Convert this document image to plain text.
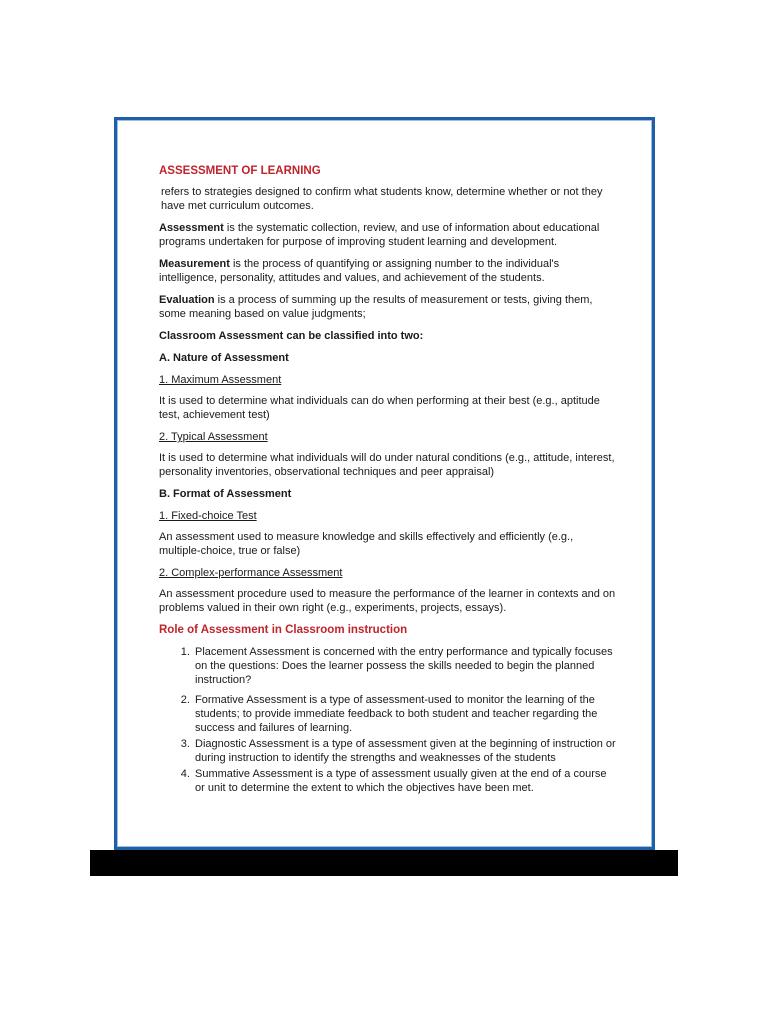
ASSESSMENT OF LEARNING

refers to strategies designed to confirm what students know, determine whether or not they have met curriculum outcomes.

Assessment is the systematic collection, review, and use of information about educational programs undertaken for purpose of improving student learning and development.

Measurement is the process of quantifying or assigning number to the individual's intelligence, personality, attitudes and values, and achievement of the students.

Evaluation is a process of summing up the results of measurement or tests, giving them, some meaning based on value judgments;

Classroom Assessment can be classified into two:
A. Nature of Assessment
1. Maximum Assessment

It is used to determine what individuals can do when performing at their best (e.g., aptitude test, achievement test)

2. Typical Assessment

It is used to determine what individuals will do under natural conditions (e.g., attitude, interest, personality inventories, observational techniques and peer appraisal)

B. Format of Assessment
1. Fixed-choice Test

An assessment used to measure knowledge and skills effectively and efficiently (e.g., multiple-choice, true or false)

2. Complex-performance Assessment

An assessment procedure used to measure the performance of the learner in contexts and on problems valued in their own right (e.g., experiments, projects, essays).

Role of Assessment in Classroom instruction
1. Placement Assessment is concerned with the entry performance and typically focuses on the questions: Does the learner possess the skills needed to begin the planned instruction?
2. Formative Assessment is a type of assessment-used to monitor the learning of the students; to provide immediate feedback to both student and teacher regarding the success and failures of learning.
3. Diagnostic Assessment is a type of assessment given at the beginning of instruction or during instruction to identify the strengths and weaknesses of the students
4. Summative Assessment is a type of assessment usually given at the end of a course or unit to determine the extent to which the objectives have been met.
